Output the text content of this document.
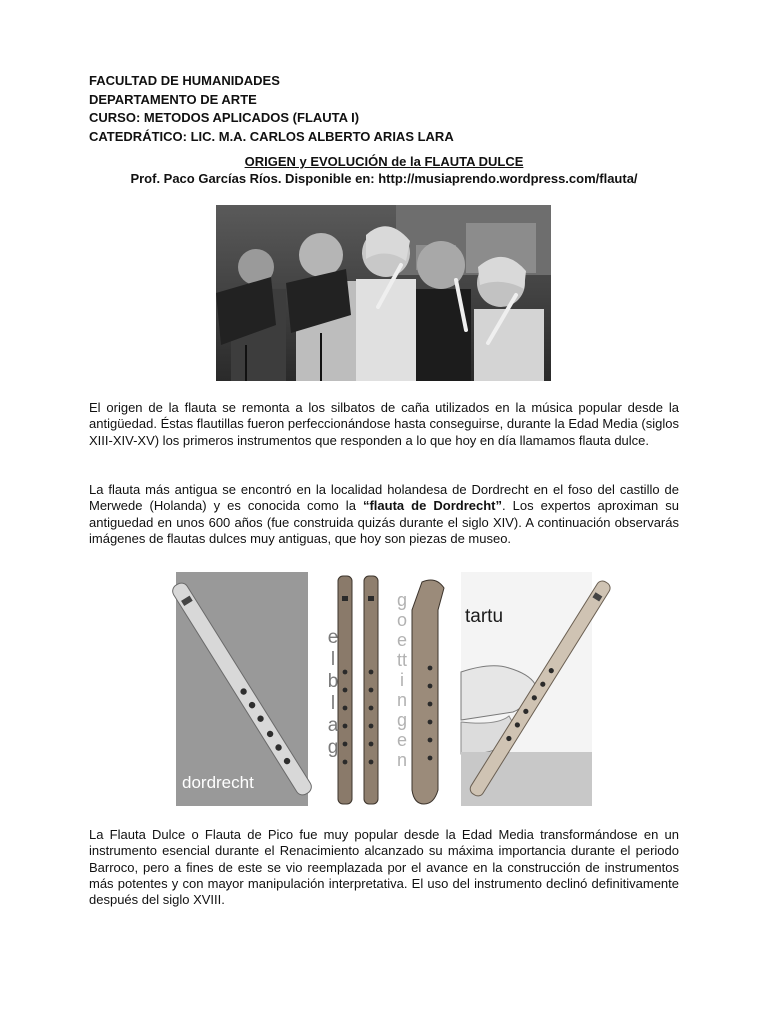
FACULTAD DE HUMANIDADES
DEPARTAMENTO DE ARTE
CURSO: METODOS APLICADOS (FLAUTA I)
CATEDRÁTICO: LIC. M.A. CARLOS ALBERTO ARIAS LARA
ORIGEN y EVOLUCIÓN de la FLAUTA DULCE
Prof. Paco Garcías Ríos. Disponible en: http://musiaprendo.wordpress.com/flauta/
El origen de la flauta se remonta a los silbatos de caña utilizados en la música popular desde la antigüedad. Éstas flautillas fueron perfeccionándose hasta conseguirse, durante la Edad Media (siglos XIII-XIV-XV) los primeros instrumentos que responden a lo que hoy en día llamamos flauta dulce.
La flauta más antigua se encontró en la localidad holandesa de Dordrecht en el foso del castillo de Merwede (Holanda) y es conocida como la “flauta de Dordrecht”. Los expertos aproximan su antiguedad en unos 600 años (fue construida quizás durante el siglo XIV). A continuación observarás imágenes de flautas dulces muy antiguas, que hoy son piezas de museo.
dordrecht
elblag
goettingen
tartu
La Flauta Dulce o Flauta de Pico fue muy popular desde la Edad Media transformándose en un instrumento esencial durante el Renacimiento alcanzado su máxima importancia durante el periodo Barroco, pero a fines de este se vio reemplazada por el avance en la construcción de instrumentos más potentes y con mayor manipulación interpretativa. El uso del instrumento declinó definitivamente después del siglo XVIII.
